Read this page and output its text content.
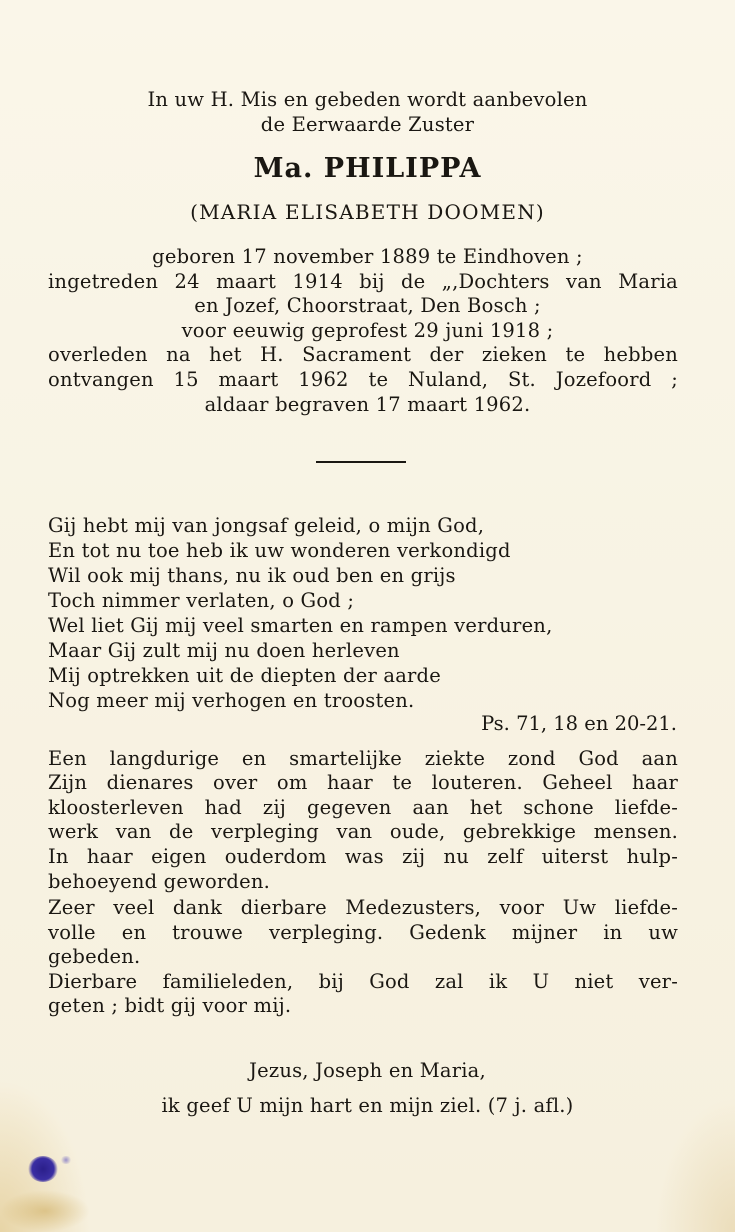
In uw H. Mis en gebeden wordt aanbevolen
de Eerwaarde Zuster
Ma. PHILIPPA
(MARIA ELISABETH DOOMEN)
geboren 17 november 1889 te Eindhoven ;
ingetreden 24 maart 1914 bij de „,Dochters van Maria
en Jozef, Choorstraat, Den Bosch ;
voor eeuwig geprofest 29 juni 1918 ;
overleden na het H. Sacrament der zieken te hebben
ontvangen 15 maart 1962 te Nuland, St. Jozefoord ;
aldaar begraven 17 maart 1962.
Gij hebt mij van jongsaf geleid, o mijn God,
En tot nu toe heb ik uw wonderen verkondigd
Wil ook mij thans, nu ik oud ben en grijs
Toch nimmer verlaten, o God ;
Wel liet Gij mij veel smarten en rampen verduren,
Maar Gij zult mij nu doen herleven
Mij optrekken uit de diepten der aarde
Nog meer mij verhogen en troosten.
Ps. 71, 18 en 20-21.
Een langdurige en smartelijke ziekte zond God aan
Zijn dienares over om haar te louteren. Geheel haar
kloosterleven had zij gegeven aan het schone liefde-
werk van de verpleging van oude, gebrekkige mensen.
In haar eigen ouderdom was zij nu zelf uiterst hulp-
behoeyend geworden.
Zeer veel dank dierbare Medezusters, voor Uw liefde-
volle en trouwe verpleging. Gedenk mijner in uw
gebeden.
Dierbare familieleden, bij God zal ik U niet ver-
geten ; bidt gij voor mij.
Jezus, Joseph en Maria,
ik geef U mijn hart en mijn ziel. (7 j. afl.)
